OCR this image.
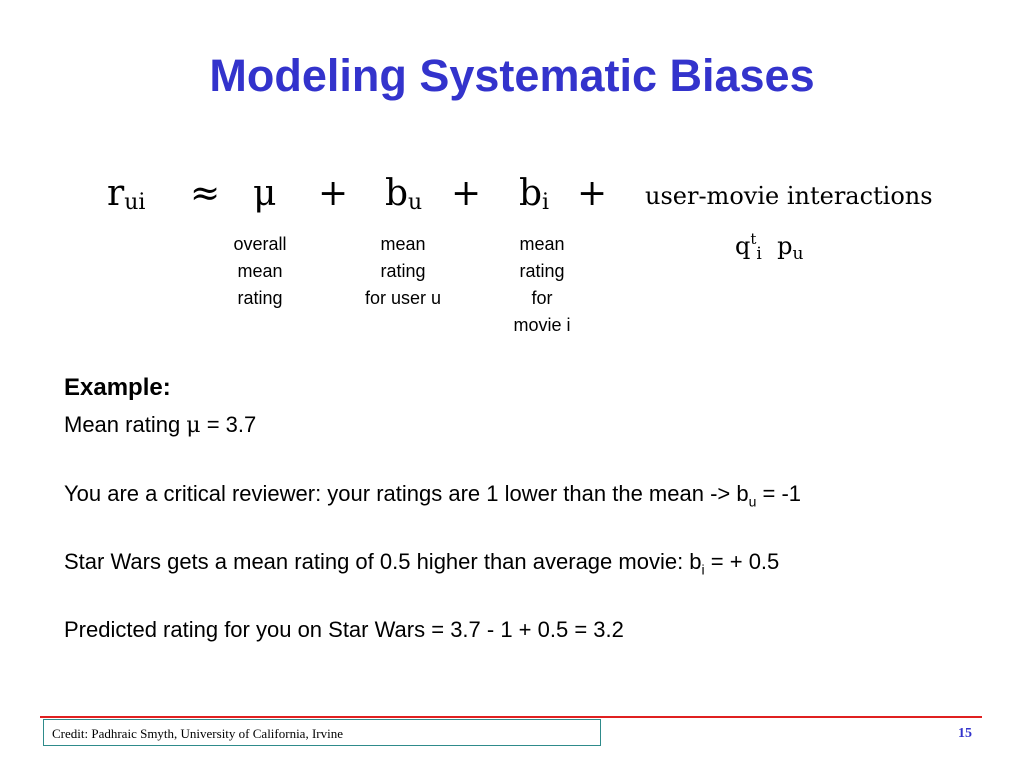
Modeling Systematic Biases
$r_{ui} \approx \mu + b_u + b_i$ + user-movie interactions
$q^t_i$ $p_u$
overall
mean
rating
mean
rating
for user u
mean
rating
for
movie i
Example:
Mean rating μ = 3.7
You are a critical reviewer: your ratings are 1 lower than the mean -> $b_u = -1$
Star Wars gets a mean rating of 0.5 higher than average movie: $b_i$ = + 0.5
Predicted rating for you on Star Wars = 3.7 - 1 + 0.5 = 3.2
Credit: Padhraic Smyth, University of California, Irvine	15
